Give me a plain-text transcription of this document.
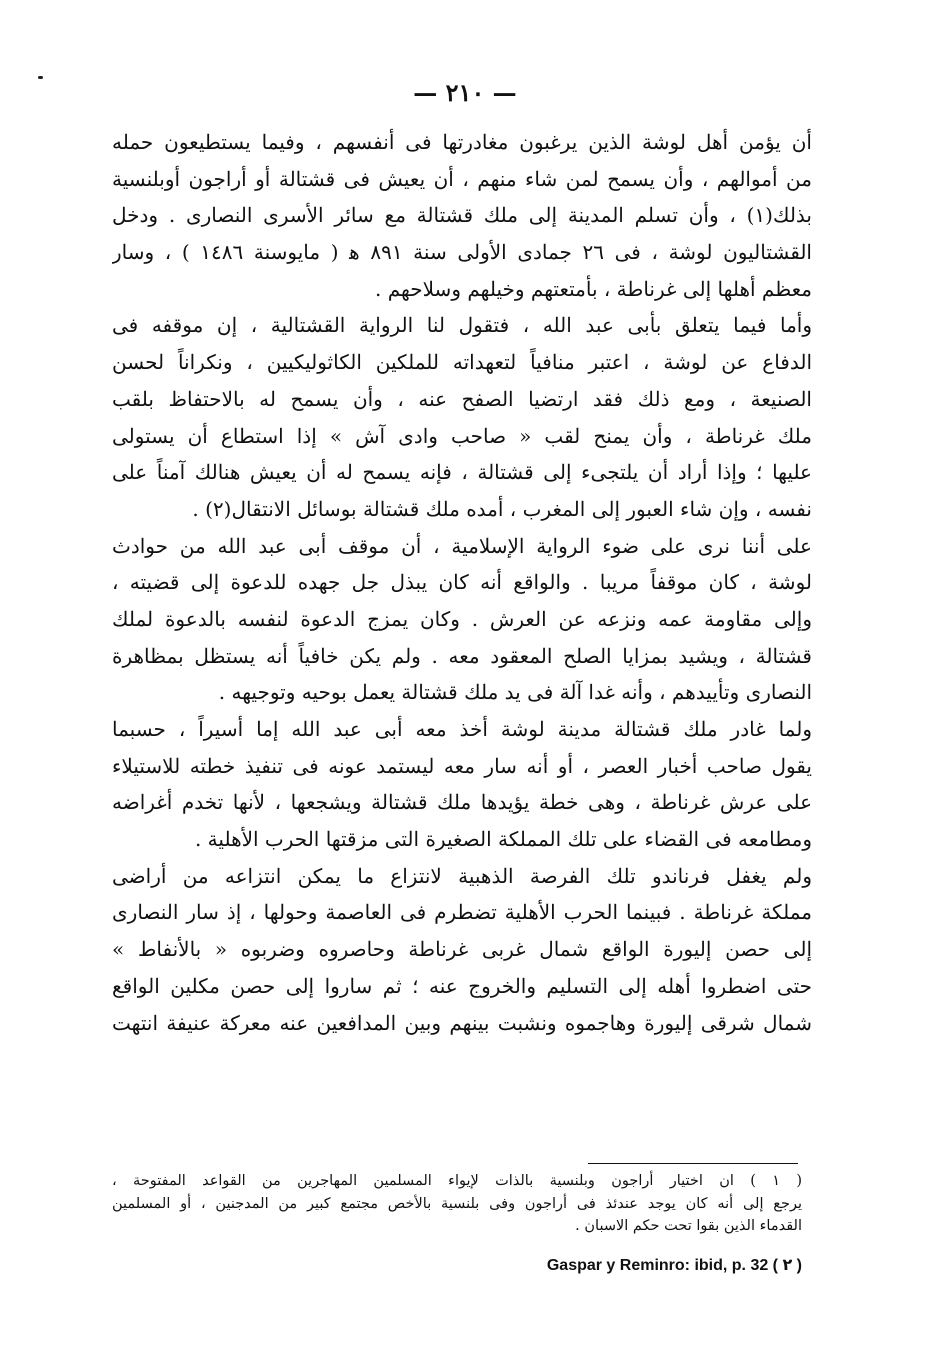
— ٢١٠ —
أن يؤمن أهل لوشة الذين يرغبون مغادرتها فى أنفسهم ، وفيما يستطيعون حمله
من أموالهم ، وأن يسمح لمن شاء منهم ، أن يعيش فى قشتالة أو أراجون أوبلنسية
بذلك(١) ، وأن تسلم المدينة إلى ملك قشتالة مع سائر الأسرى النصارى . ودخل
القشتاليون لوشة ، فى ٢٦ جمادى الأولى سنة ٨٩١ ﻫ ( مايوسنة ١٤٨٦ ) ، وسار
معظم أهلها إلى غرناطة ، بأمتعتهم وخيلهم وسلاحهم .
وأما فيما يتعلق بأبى عبد الله ، فتقول لنا الرواية القشتالية ، إن موقفه فى
الدفاع عن لوشة ، اعتبر منافياً لتعهداته للملكين الكاثوليكيين ، ونكراناً لحسن
الصنيعة ، ومع ذلك فقد ارتضيا الصفح عنه ، وأن يسمح له بالاحتفاظ بلقب
ملك غرناطة ، وأن يمنح لقب « صاحب وادى آش » إذا استطاع أن يستولى
عليها ؛ وإذا أراد أن يلتجىء إلى قشتالة ، فإنه يسمح له أن يعيش هنالك آمناً على
نفسه ، وإن شاء العبور إلى المغرب ، أمده ملك قشتالة بوسائل الانتقال(٢) .
على أننا نرى على ضوء الرواية الإسلامية ، أن موقف أبى عبد الله من حوادث
لوشة ، كان موقفاً مريبا . والواقع أنه كان يبذل جل جهده للدعوة إلى قضيته ،
وإلى مقاومة عمه ونزعه عن العرش . وكان يمزج الدعوة لنفسه بالدعوة لملك
قشتالة ، ويشيد بمزايا الصلح المعقود معه . ولم يكن خافياً أنه يستظل بمظاهرة
النصارى وتأييدهم ، وأنه غدا آلة فى يد ملك قشتالة يعمل بوحيه وتوجيهه .
ولما غادر ملك قشتالة مدينة لوشة أخذ معه أبى عبد الله إما أسيراً ، حسبما
يقول صاحب أخبار العصر ، أو أنه سار معه ليستمد عونه فى تنفيذ خطته للاستيلاء
على عرش غرناطة ، وهى خطة يؤيدها ملك قشتالة ويشجعها ، لأنها تخدم أغراضه
ومطامعه فى القضاء على تلك المملكة الصغيرة التى مزقتها الحرب الأهلية .
ولم يغفل فرناندو تلك الفرصة الذهبية لانتزاع ما يمكن انتزاعه من أراضى
مملكة غرناطة . فبينما الحرب الأهلية تضطرم فى العاصمة وحولها ، إذ سار النصارى
إلى حصن إليورة الواقع شمال غربى غرناطة وحاصروه وضربوه « بالأنفاط »
حتى اضطروا أهله إلى التسليم والخروج عنه ؛ ثم ساروا إلى حصن مكلين الواقع
شمال شرقى إليورة وهاجموه ونشبت بينهم وبين المدافعين عنه معركة عنيفة انتهت
( ١ ) ان اختيار أراجون وبلنسية بالذات لإيواء المسلمين المهاجرين من القواعد المفتوحة ،
يرجع إلى أنه كان يوجد عندئذ فى أراجون وفى بلنسية بالأخص مجتمع كبير من المدجنين ، أو المسلمين
القدماء الذين بقوا تحت حكم الاسبان .
Gaspar y Reminro: ibid, p. 32 ( ٢ )
